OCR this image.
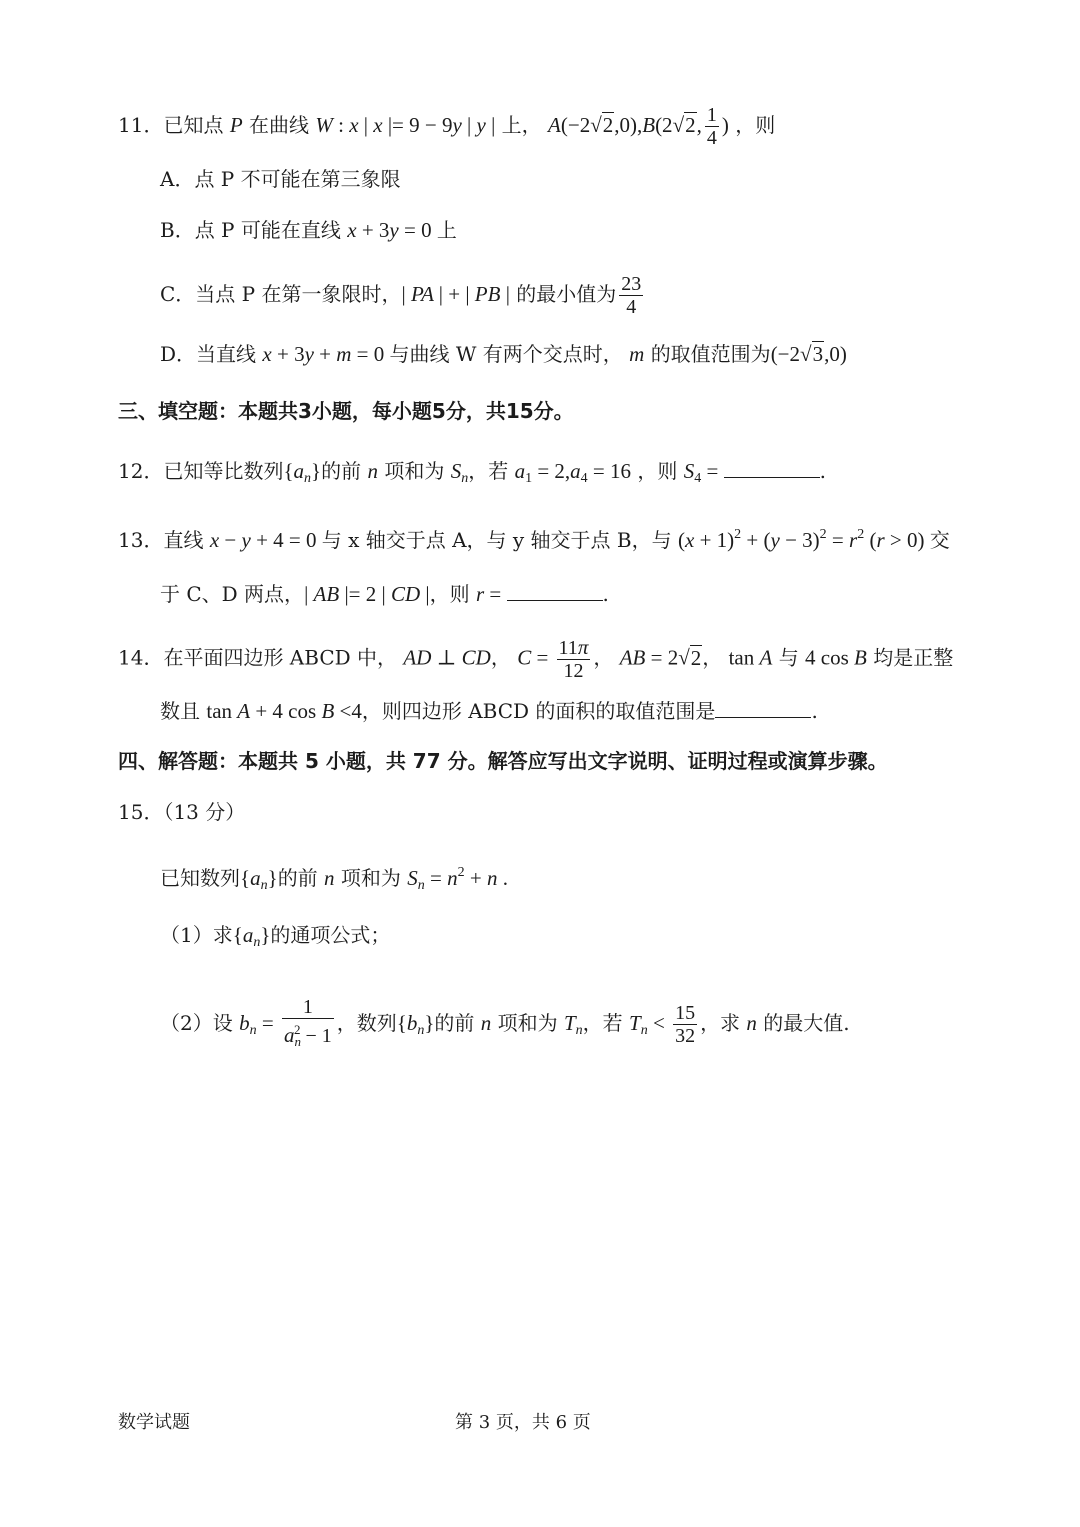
11．已知点 P 在曲线 W : x | x |= 9 − 9y | y | 上， A(−2√2,0),B(2√2, $\frac{1}{4}$ ) ，则
A．点 P 不可能在第三象限
B．点 P 可能在直线 x + 3y = 0 上
C．当点 P 在第一象限时，| PA | + | PB | 的最小值为 $\frac{23}{4}$
D．当直线 x + 3y + m = 0 与曲线 W 有两个交点时， m 的取值范围为(−2√3,0)
三、填空题：本题共3小题，每小题5分，共15分。
12．已知等比数列$\{a_n\}$的前 n 项和为 $S_n$，若 $a_1 = 2,a_4 = 16$ ，则 $S_4$ =	.
13．直线 x − y + 4 = 0 与 x 轴交于点 A，与 y 轴交于点 B，与 $(x + 1)^2 + (y - 3)^2 = r^2$ (r > 0) 交
于 C、D 两点，| AB |= 2 | CD |，则 r =	.
14．在平面四边形 ABCD 中， AD ⊥ CD， $C = \frac{11\pi}{12}$ ， AB = 2√2， tan A 与 4 cos B 均是正整
数且 tan A + 4 cos B <4，则四边形 ABCD 的面积的取值范围是	.
四、解答题：本题共 5 小题，共 77 分。解答应写出文字说明、证明过程或演算步骤。
15．（13 分）
已知数列$\{a_n\}$的前 n 项和为 $S_n = n^2 + n$ .
（1）求$\{a_n\}$的通项公式；
（2）设 $b_n = \frac{1}{a_n^2 - 1}$ ，数列$\{b_n\}$的前 n 项和为 $T_n$，若 $T_n < \frac{15}{32}$ ，求 n 的最大值.
数学试题	第 3 页，共 6 页
